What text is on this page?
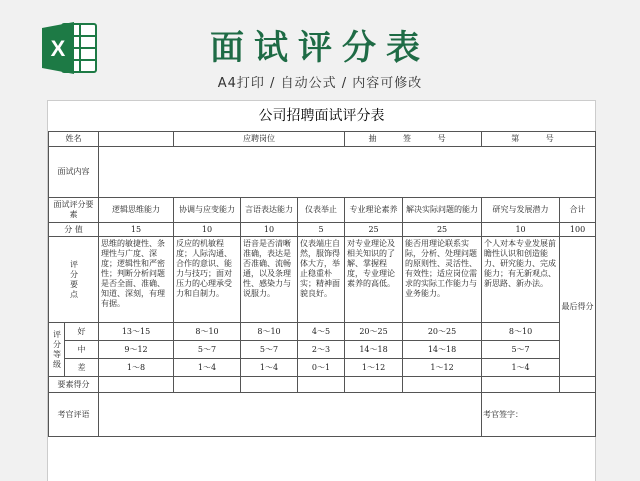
X	面试评分表
A4打印 / 自动公式 / 内容可修改
公司招聘面试评分表
姓名			应聘岗位			抽 签 号		第 号	
面试内容									
面试评分要素		逻辑思维能力	协调与应变能力	言语表达能力	仪表举止	专业理论素养	解决实际问题的能力	研究与发展潜力	合计
分 值		15	10	10	5	25	25	10	100
评分要点		思维的敏捷性、条理性与广度、深度；逻辑性和严密性；判断分析问题是否全面、准确、知道、深刻，有理有据。	反应的机敏程度；人际沟通、合作的意识、能力与技巧；面对压力的心理承受力和自制力。	语音是否清晰准确，表达是否准确、流畅通，以及条理性、感染力与说服力。	仪表端庄自然，服饰得体大方，举止稳重朴实；精神面貌良好。	对专业理论及相关知识的了解、掌握程度，专业理论素养的高低。	能否用理论联系实际，分析、处理问题的原则性、灵活性、有效性；适应岗位需求的实际工作能力与业务能力。	个人对本专业发展前瞻性认识和创造能力、研究能力、完成能力；有无新观点、新思路、新办法。	最后得分
评分等级	好	13～15	8～10	8～10	4～5	20～25	20～25	8～10	
	中	9～12	5～7	5～7	2～3	14～18	14～18	5～7	
	差	1～8	1～4	1～4	0～1	1～12	1～12	1～4	
要素得分									
考官评语								考官签字：	
